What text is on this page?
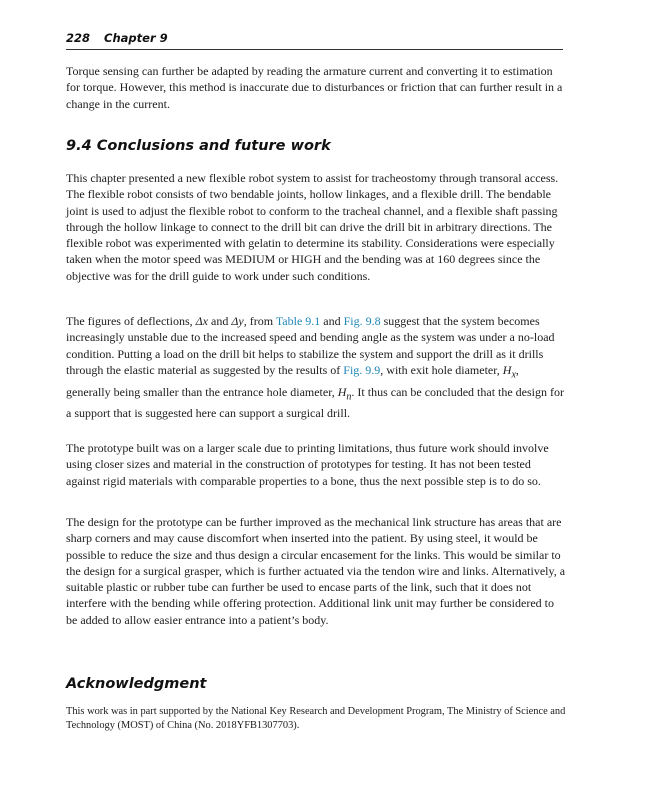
228 Chapter 9

Torque sensing can further be adapted by reading the armature current and converting it to estimation for torque. However, this method is inaccurate due to disturbances or friction that can further result in a change in the current.

9.4 Conclusions and future work

This chapter presented a new flexible robot system to assist for tracheostomy through transoral access. The flexible robot consists of two bendable joints, hollow linkages, and a flexible drill. The bendable joint is used to adjust the flexible robot to conform to the tracheal channel, and a flexible shaft passing through the hollow linkage to connect to the drill bit can drive the drill bit in arbitrary directions. The flexible robot was experimented with gelatin to determine its stability. Considerations were especially taken when the motor speed was MEDIUM or HIGH and the bending was at 160 degrees since the objective was for the drill guide to work under such conditions.

The figures of deflections, Δx and Δy, from Table 9.1 and Fig. 9.8 suggest that the system becomes increasingly unstable due to the increased speed and bending angle as the system was under a no-load condition. Putting a load on the drill bit helps to stabilize the system and support the drill as it drills through the elastic material as suggested by the results of Fig. 9.9, with exit hole diameter, $H_x$, generally being smaller than the entrance hole diameter, $H_n$. It thus can be concluded that the design for a support that is suggested here can support a surgical drill.

The prototype built was on a larger scale due to printing limitations, thus future work should involve using closer sizes and material in the construction of prototypes for testing. It has not been tested against rigid materials with comparable properties to a bone, thus the next possible step is to do so.

The design for the prototype can be further improved as the mechanical link structure has areas that are sharp corners and may cause discomfort when inserted into the patient. By using steel, it would be possible to reduce the size and thus design a circular encasement for the links. This would be similar to the design for a surgical grasper, which is further actuated via the tendon wire and links. Alternatively, a suitable plastic or rubber tube can further be used to encase parts of the link, such that it does not interfere with the bending while offering protection. Additional link unit may further be considered to be added to allow easier entrance into a patient’s body.

Acknowledgment

This work was in part supported by the National Key Research and Development Program, The Ministry of Science and Technology (MOST) of China (No. 2018YFB1307703).
